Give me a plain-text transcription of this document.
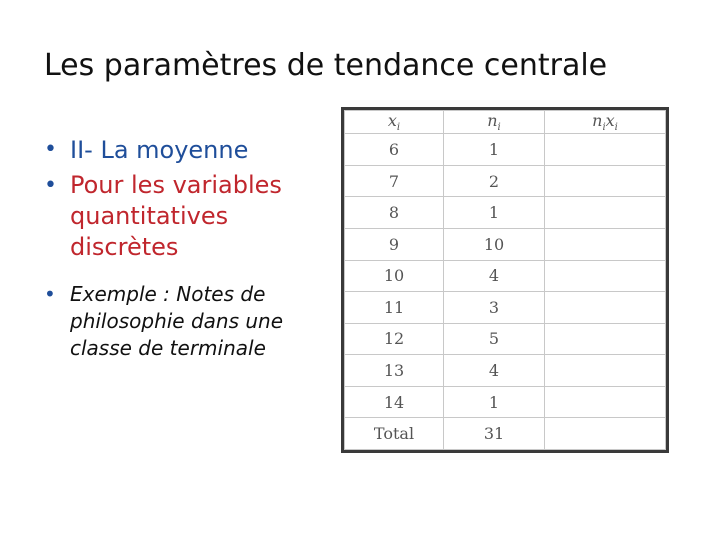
Les paramètres de tendance centrale
• II- La moyenne
• Pour les variables quantitatives discrètes
• Exemple : Notes de philosophie dans une classe de terminale
$x_i$	$n_i$	$n_ix_i$
6	1	
7	2	
8	1	
9	10	
10	4	
11	3	
12	5	
13	4	
14	1	
Total	31	
